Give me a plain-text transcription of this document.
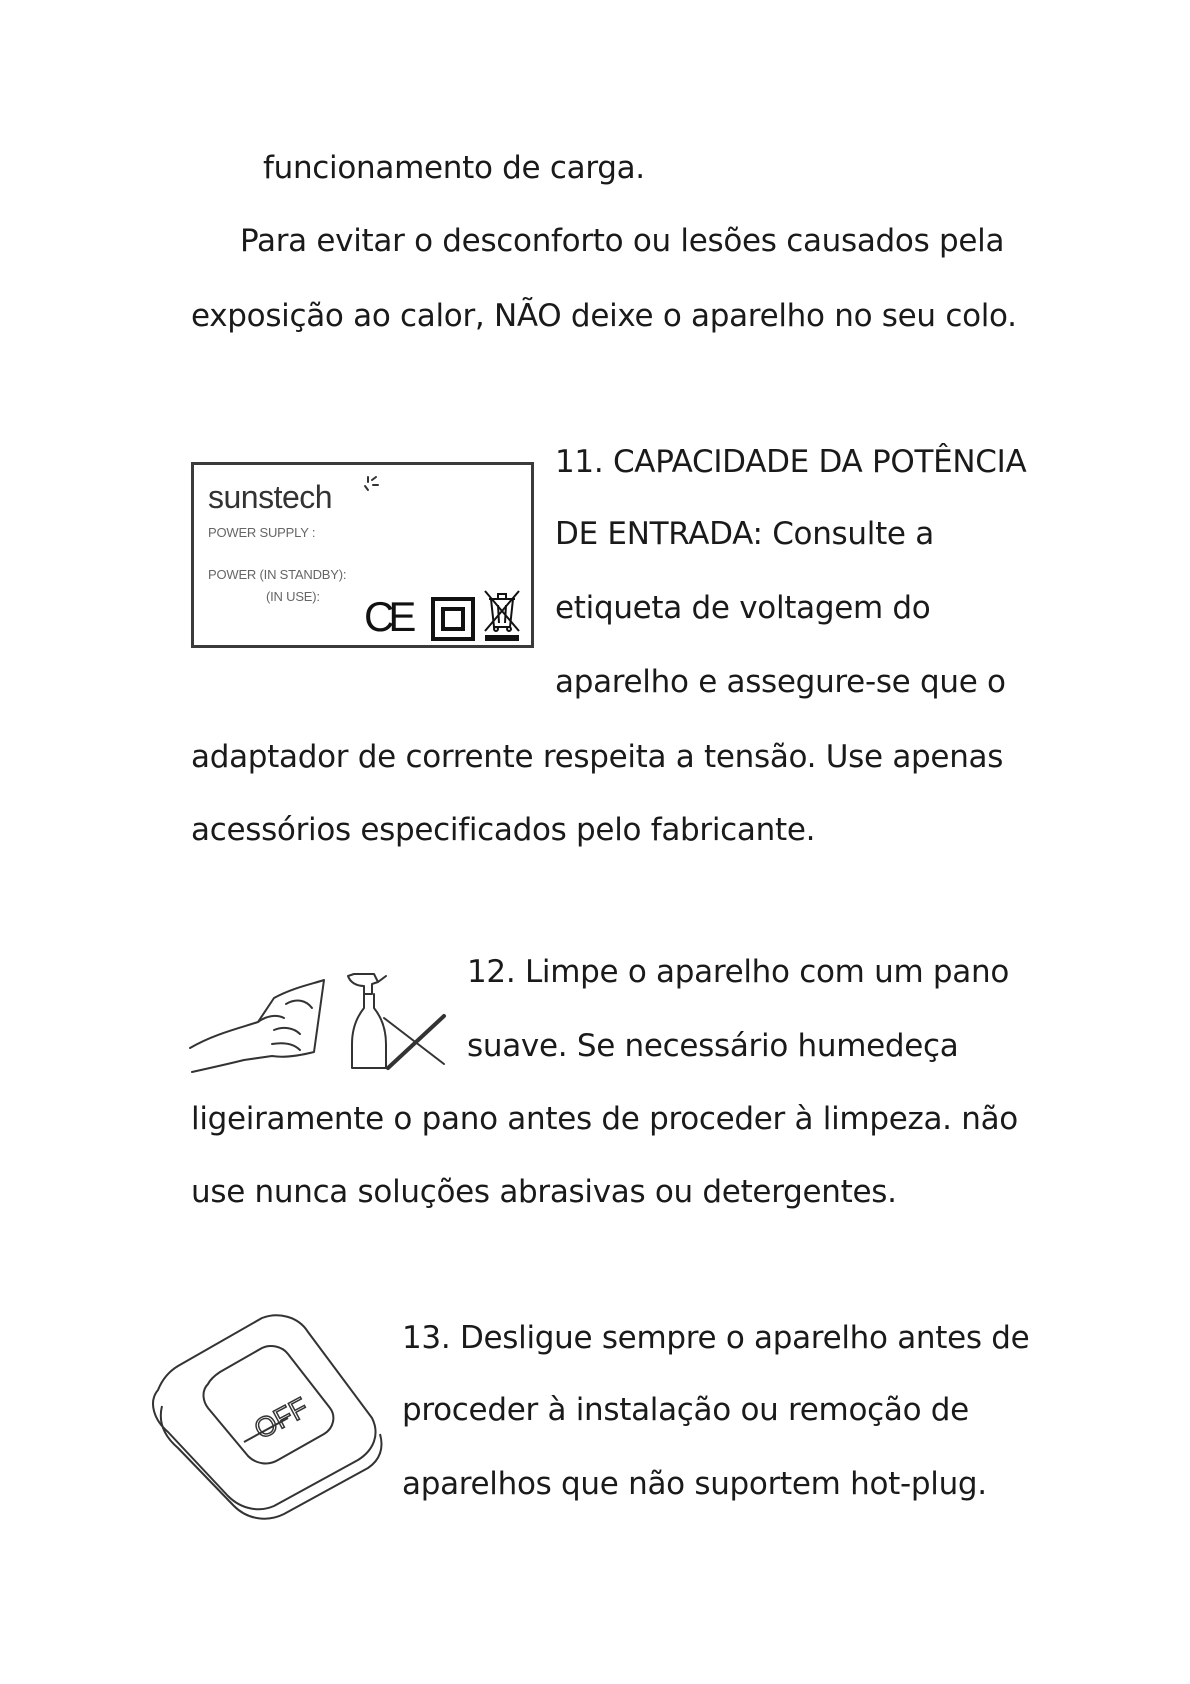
funcionamento de carga.

Para evitar o desconforto ou lesões causados pela

exposição ao calor, NÃO deixe o aparelho no seu colo.

sunstech
POWER SUPPLY :
POWER (IN STANDBY):
(IN USE): CE

11. CAPACIDADE DA POTÊNCIA

DE ENTRADA: Consulte a

etiqueta de voltagem do

aparelho e assegure-se que o

adaptador de corrente respeita a tensão. Use apenas

acessórios especificados pelo fabricante.

12. Limpe o aparelho com um pano

suave. Se necessário humedeça

ligeiramente o pano antes de proceder à limpeza. não

use nunca soluções abrasivas ou detergentes.

OFF

13. Desligue sempre o aparelho antes de

proceder à instalação ou remoção de

aparelhos que não suportem hot-plug.
